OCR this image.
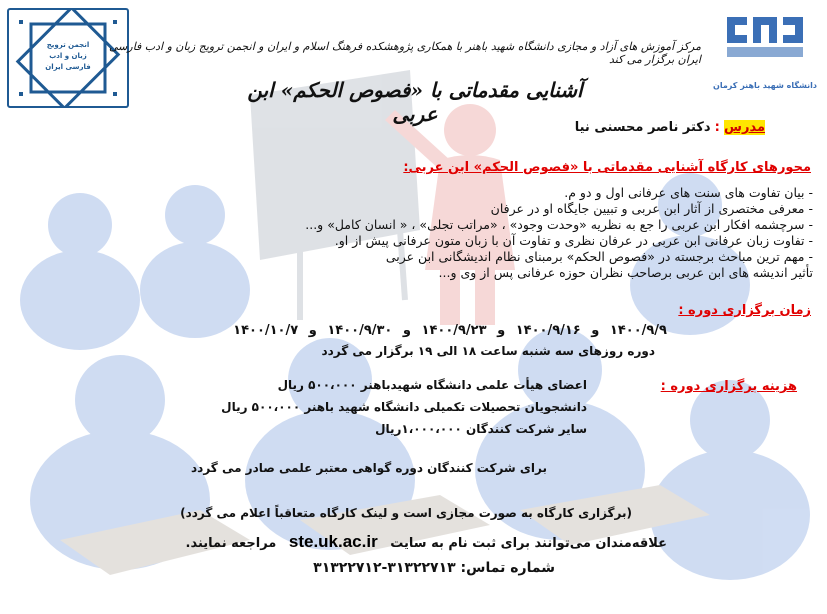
انجمن ترویج زبان و ادب فارسی ایران
دانشگاه شهید باهنر کرمان
مرکز آموزش های آزاد و مجازی دانشگاه شهید باهنر با همکاری پژوهشکده فرهنگ اسلام و ایران و انجمن ترویج زبان و ادب فارسی ایران برگزار می کند
آشنایی مقدماتی با «فصوص الحکم» ابن عربی
مدرس : دکتر ناصر محسنی نیا
محورهای کارگاه آشنایی مقدماتی با «فصوص الحکم» ابن عربی:
- بیان تفاوت های سنت های عرفانی اول و دو م.
- معرفی مختصری از آثار ابن عربی و تبیین جایگاه او در عرفان
- سرچشمه افکار ابن عربی را جع به نظریه «وحدت وجود» ، «مراتب تجلی» ، « انسان کامل» و...
- تفاوت زبان عرفانی ابن عربی در عرفان نظری و تفاوت آن با زبان متون عرفانی پیش از او.
- مهم ترین مباحث برجسته در «فصوص الحکم» برمبنای نظام اندیشگانی ابن عربی
تأثیر اندیشه های ابن عربی برصاحب نظران حوزه عرفانی پس از وی و...
زمان برگزاری دوره :
۱۴۰۰/۹/۹ و ۱۴۰۰/۹/۱۶ و ۱۴۰۰/۹/۲۳ و ۱۴۰۰/۹/۳۰ و ۱۴۰۰/۱۰/۷
دوره روزهای سه شنبه ساعت ۱۸ الی ۱۹ برگزار می گردد
هزینه برگزاری دوره :
اعضای هیأت علمی دانشگاه شهیدباهنر ۵۰۰،۰۰۰ ریال
دانشجویان تحصیلات تکمیلی دانشگاه شهید باهنر ۵۰۰،۰۰۰ ریال
سایر شرکت کنندگان ۱،۰۰۰،۰۰۰ریال
برای شرکت کنندگان دوره گواهی معتبر علمی صادر می گردد
(برگزاری کارگاه به صورت مجازی است و لینک کارگاه متعاقباً اعلام می گردد)
علاقه‌مندان می‌توانند برای ثبت نام به سایت ste.uk.ac.ir مراجعه نمایند.
شماره تماس: ۳۱۳۲۲۷۱۳-۳۱۳۲۲۷۱۲
